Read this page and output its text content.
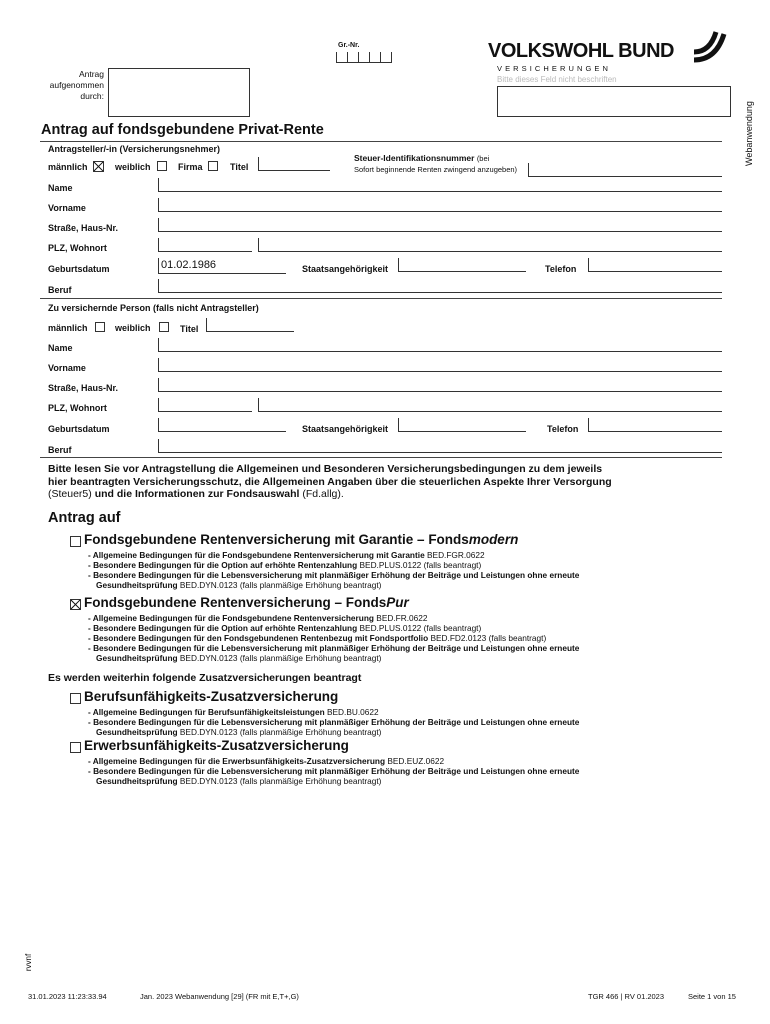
Gr.-Nr.
Antrag
aufgenommen
durch:
VOLKSWOHL BUND
V E R S I C H E R U N G E N
Bitte dieses Feld nicht beschriften
Webanwendung
Antrag auf fondsgebundene Privat-Rente
Antragsteller/-in (Versicherungsnehmer)
männlich	weiblich	Firma	Titel
Steuer-Identifikationsnummer (bei
Sofort beginnende Renten zwingend anzugeben)
Name
Vorname
Straße, Haus-Nr.
PLZ, Wohnort
Geburtsdatum	01.02.1986	Staatsangehörigkeit	Telefon
Beruf
Zu versichernde Person (falls nicht Antragsteller)
männlich	weiblich	Titel
Name
Vorname
Straße, Haus-Nr.
PLZ, Wohnort
Geburtsdatum	Staatsangehörigkeit	Telefon
Beruf
Bitte lesen Sie vor Antragstellung die Allgemeinen und Besonderen Versicherungsbedingungen zu dem jeweils
hier beantragten Versicherungsschutz, die Allgemeinen Angaben über die steuerlichen Aspekte Ihrer Versorgung
(Steuer5) und die Informationen zur Fondsauswahl (Fd.allg).
Antrag auf
Fondsgebundene Rentenversicherung mit Garantie – Fondsmodern
- Allgemeine Bedingungen für die Fondsgebundene Rentenversicherung mit Garantie BED.FGR.0622
- Besondere Bedingungen für die Option auf erhöhte Rentenzahlung BED.PLUS.0122 (falls beantragt)
- Besondere Bedingungen für die Lebensversicherung mit planmäßiger Erhöhung der Beiträge und Leistungen ohne erneute
Gesundheitsprüfung BED.DYN.0123 (falls planmäßige Erhöhung beantragt)
Fondsgebundene Rentenversicherung – FondsPur
- Allgemeine Bedingungen für die Fondsgebundene Rentenversicherung BED.FR.0622
- Besondere Bedingungen für die Option auf erhöhte Rentenzahlung BED.PLUS.0122 (falls beantragt)
- Besondere Bedingungen für den Fondsgebundenen Rentenbezug mit Fondsportfolio BED.FD2.0123 (falls beantragt)
- Besondere Bedingungen für die Lebensversicherung mit planmäßiger Erhöhung der Beiträge und Leistungen ohne erneute
Gesundheitsprüfung BED.DYN.0123 (falls planmäßige Erhöhung beantragt)
Es werden weiterhin folgende Zusatzversicherungen beantragt
Berufsunfähigkeits-Zusatzversicherung
- Allgemeine Bedingungen für Berufsunfähigkeitsleistungen BED.BU.0622
- Besondere Bedingungen für die Lebensversicherung mit planmäßiger Erhöhung der Beiträge und Leistungen ohne erneute
Gesundheitsprüfung BED.DYN.0123 (falls planmäßige Erhöhung beantragt)
Erwerbsunfähigkeits-Zusatzversicherung
- Allgemeine Bedingungen für die Erwerbsunfähigkeits-Zusatzversicherung BED.EUZ.0622
- Besondere Bedingungen für die Lebensversicherung mit planmäßiger Erhöhung der Beiträge und Leistungen ohne erneute
Gesundheitsprüfung BED.DYN.0123 (falls planmäßige Erhöhung beantragt)
rvvnf
31.01.2023 11:23:33.94	Jan. 2023 Webanwendung [29] (FR mit E,T+,G)	TGR 466 | RV 01.2023	Seite 1 von 15
